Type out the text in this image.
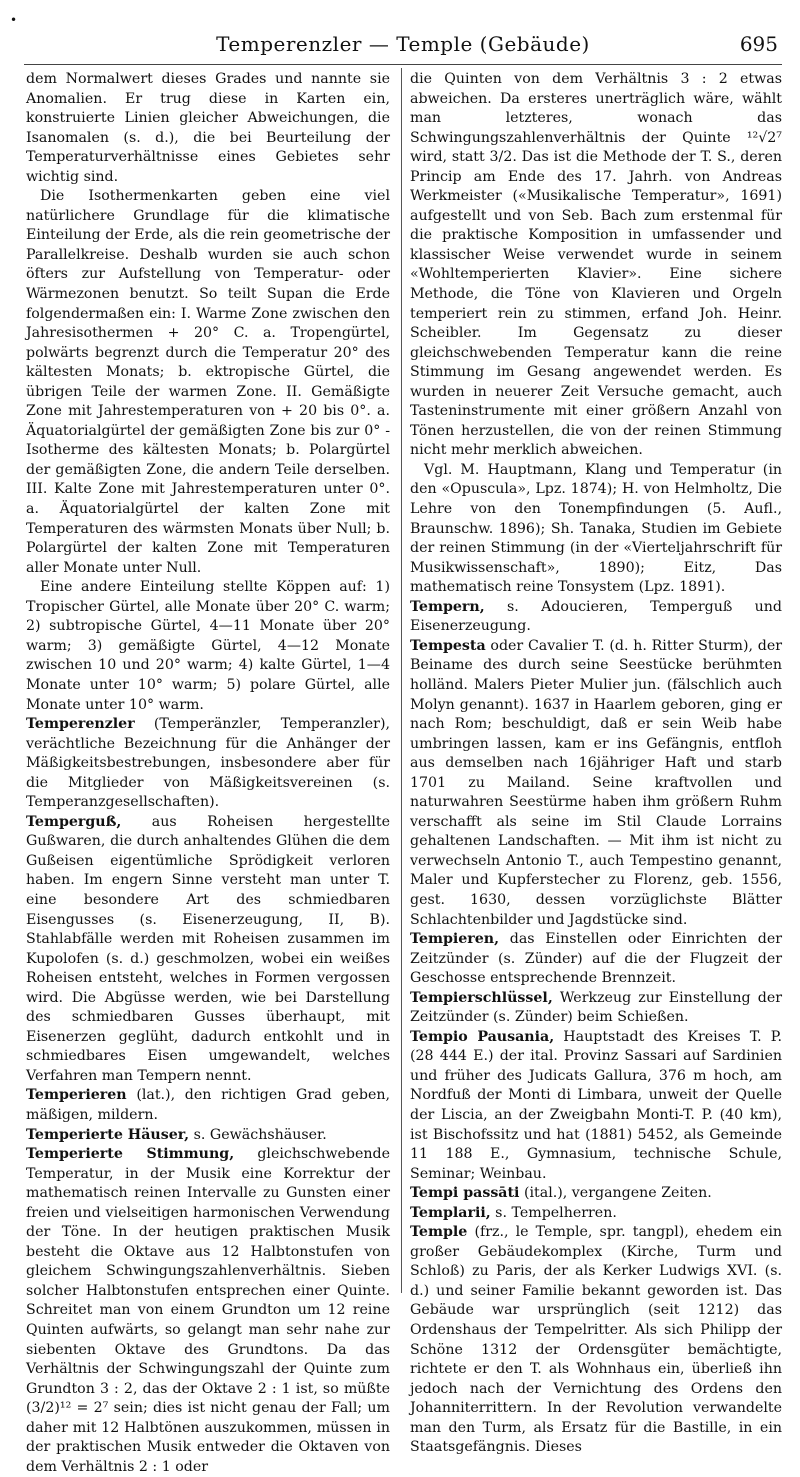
•
Temperenzler — Temple (Gebäude)	695

dem Normalwert dieses Grades und nannte sie Anomalien. Er trug diese in Karten ein, konstruierte Linien gleicher Abweichungen, die Isanomalen (s. d.), die bei Beurteilung der Temperaturverhältnisse eines Gebietes sehr wichtig sind.

Die Isothermenkarten geben eine viel natürlichere Grundlage für die klimatische Einteilung der Erde, als die rein geometrische der Parallelkreise. Deshalb wurden sie auch schon öfters zur Aufstellung von Temperatur- oder Wärmezonen benutzt. So teilt Supan die Erde folgendermaßen ein: I. Warme Zone zwischen den Jahresisothermen + 20° C. a. Tropengürtel, polwärts begrenzt durch die Temperatur 20° des kältesten Monats; b. ektropische Gürtel, die übrigen Teile der warmen Zone. II. Gemäßigte Zone mit Jahrestemperaturen von + 20 bis 0°. a. Äquatorialgürtel der gemäßigten Zone bis zur 0° - Isotherme des kältesten Monats; b. Polargürtel der gemäßigten Zone, die andern Teile derselben. III. Kalte Zone mit Jahrestemperaturen unter 0°. a. Äquatorialgürtel der kalten Zone mit Temperaturen des wärmsten Monats über Null; b. Polargürtel der kalten Zone mit Temperaturen aller Monate unter Null.

Eine andere Einteilung stellte Köppen auf: 1) Tropischer Gürtel, alle Monate über 20° C. warm; 2) subtropische Gürtel, 4—11 Monate über 20° warm; 3) gemäßigte Gürtel, 4—12 Monate zwischen 10 und 20° warm; 4) kalte Gürtel, 1—4 Monate unter 10° warm; 5) polare Gürtel, alle Monate unter 10° warm.

Temperenzler (Temperänzler, Temperanzler), verächtliche Bezeichnung für die Anhänger der Mäßigkeitsbestrebungen, insbesondere aber für die Mitglieder von Mäßigkeitsvereinen (s. Temperanzgesellschaften).

Temperguß, aus Roheisen hergestellte Gußwaren, die durch anhaltendes Glühen die dem Gußeisen eigentümliche Sprödigkeit verloren haben. Im engern Sinne versteht man unter T. eine besondere Art des schmiedbaren Eisengusses (s. Eisenerzeugung, II, B). Stahlabfälle werden mit Roheisen zusammen im Kupolofen (s. d.) geschmolzen, wobei ein weißes Roheisen entsteht, welches in Formen vergossen wird. Die Abgüsse werden, wie bei Darstellung des schmiedbaren Gusses überhaupt, mit Eisenerzen geglüht, dadurch entkohlt und in schmiedbares Eisen umgewandelt, welches Verfahren man Tempern nennt.

Temperieren (lat.), den richtigen Grad geben, mäßigen, mildern.

Temperierte Häuser, s. Gewächshäuser.

Temperierte Stimmung, gleichschwebende Temperatur, in der Musik eine Korrektur der mathematisch reinen Intervalle zu Gunsten einer freien und vielseitigen harmonischen Verwendung der Töne. In der heutigen praktischen Musik besteht die Oktave aus 12 Halbtonstufen von gleichem Schwingungszahlenverhältnis. Sieben solcher Halbtonstufen entsprechen einer Quinte. Schreitet man von einem Grundton um 12 reine Quinten aufwärts, so gelangt man sehr nahe zur siebenten Oktave des Grundtons. Da das Verhältnis der Schwingungszahl der Quinte zum Grundton 3 : 2, das der Oktave 2 : 1 ist, so müßte (3/2)¹² = 2⁷ sein; dies ist nicht genau der Fall; um daher mit 12 Halbtönen auszukommen, müssen in der praktischen Musik entweder die Oktaven von dem Verhältnis 2 : 1 oder

die Quinten von dem Verhältnis 3 : 2 etwas abweichen. Da ersteres unerträglich wäre, wählt man letzteres, wonach das Schwingungszahlenverhältnis der Quinte ¹²√2⁷ wird, statt 3/2. Das ist die Methode der T. S., deren Princip am Ende des 17. Jahrh. von Andreas Werkmeister («Musikalische Temperatur», 1691) aufgestellt und von Seb. Bach zum erstenmal für die praktische Komposition in umfassender und klassischer Weise verwendet wurde in seinem «Wohltemperierten Klavier». Eine sichere Methode, die Töne von Klavieren und Orgeln temperiert rein zu stimmen, erfand Joh. Heinr. Scheibler. Im Gegensatz zu dieser gleichschwebenden Temperatur kann die reine Stimmung im Gesang angewendet werden. Es wurden in neuerer Zeit Versuche gemacht, auch Tasteninstrumente mit einer größern Anzahl von Tönen herzustellen, die von der reinen Stimmung nicht mehr merklich abweichen.

Vgl. M. Hauptmann, Klang und Temperatur (in den «Opuscula», Lpz. 1874); H. von Helmholtz, Die Lehre von den Tonempfindungen (5. Aufl., Braunschw. 1896); Sh. Tanaka, Studien im Gebiete der reinen Stimmung (in der «Vierteljahrschrift für Musikwissenschaft», 1890); Eitz, Das mathematisch reine Tonsystem (Lpz. 1891).

Tempern, s. Adoucieren, Temperguß und Eisenerzeugung.

Tempesta oder Cavalier T. (d. h. Ritter Sturm), der Beiname des durch seine Seestücke berühmten holländ. Malers Pieter Mulier jun. (fälschlich auch Molyn genannt). 1637 in Haarlem geboren, ging er nach Rom; beschuldigt, daß er sein Weib habe umbringen lassen, kam er ins Gefängnis, entfloh aus demselben nach 16jähriger Haft und starb 1701 zu Mailand. Seine kraftvollen und naturwahren Seestürme haben ihm größern Ruhm verschafft als seine im Stil Claude Lorrains gehaltenen Landschaften. — Mit ihm ist nicht zu verwechseln Antonio T., auch Tempestino genannt, Maler und Kupferstecher zu Florenz, geb. 1556, gest. 1630, dessen vorzüglichste Blätter Schlachtenbilder und Jagdstücke sind.

Tempieren, das Einstellen oder Einrichten der Zeitzünder (s. Zünder) auf die der Flugzeit der Geschosse entsprechende Brennzeit.

Tempierschlüssel, Werkzeug zur Einstellung der Zeitzünder (s. Zünder) beim Schießen.

Tempio Pausania, Hauptstadt des Kreises T. P. (28 444 E.) der ital. Provinz Sassari auf Sardinien und früher des Judicats Gallura, 376 m hoch, am Nordfuß der Monti di Limbara, unweit der Quelle der Liscia, an der Zweigbahn Monti-T. P. (40 km), ist Bischofssitz und hat (1881) 5452, als Gemeinde 11 188 E., Gymnasium, technische Schule, Seminar; Weinbau.

Tempi passāti (ital.), vergangene Zeiten.

Templarii, s. Tempelherren.

Temple (frz., le Temple, spr. tangpl), ehedem ein großer Gebäudekomplex (Kirche, Turm und Schloß) zu Paris, der als Kerker Ludwigs XVI. (s. d.) und seiner Familie bekannt geworden ist. Das Gebäude war ursprünglich (seit 1212) das Ordenshaus der Tempelritter. Als sich Philipp der Schöne 1312 der Ordensgüter bemächtigte, richtete er den T. als Wohnhaus ein, überließ ihn jedoch nach der Vernichtung des Ordens den Johanniterrittern. In der Revolution verwandelte man den Turm, als Ersatz für die Bastille, in ein Staatsgefängnis. Dieses
